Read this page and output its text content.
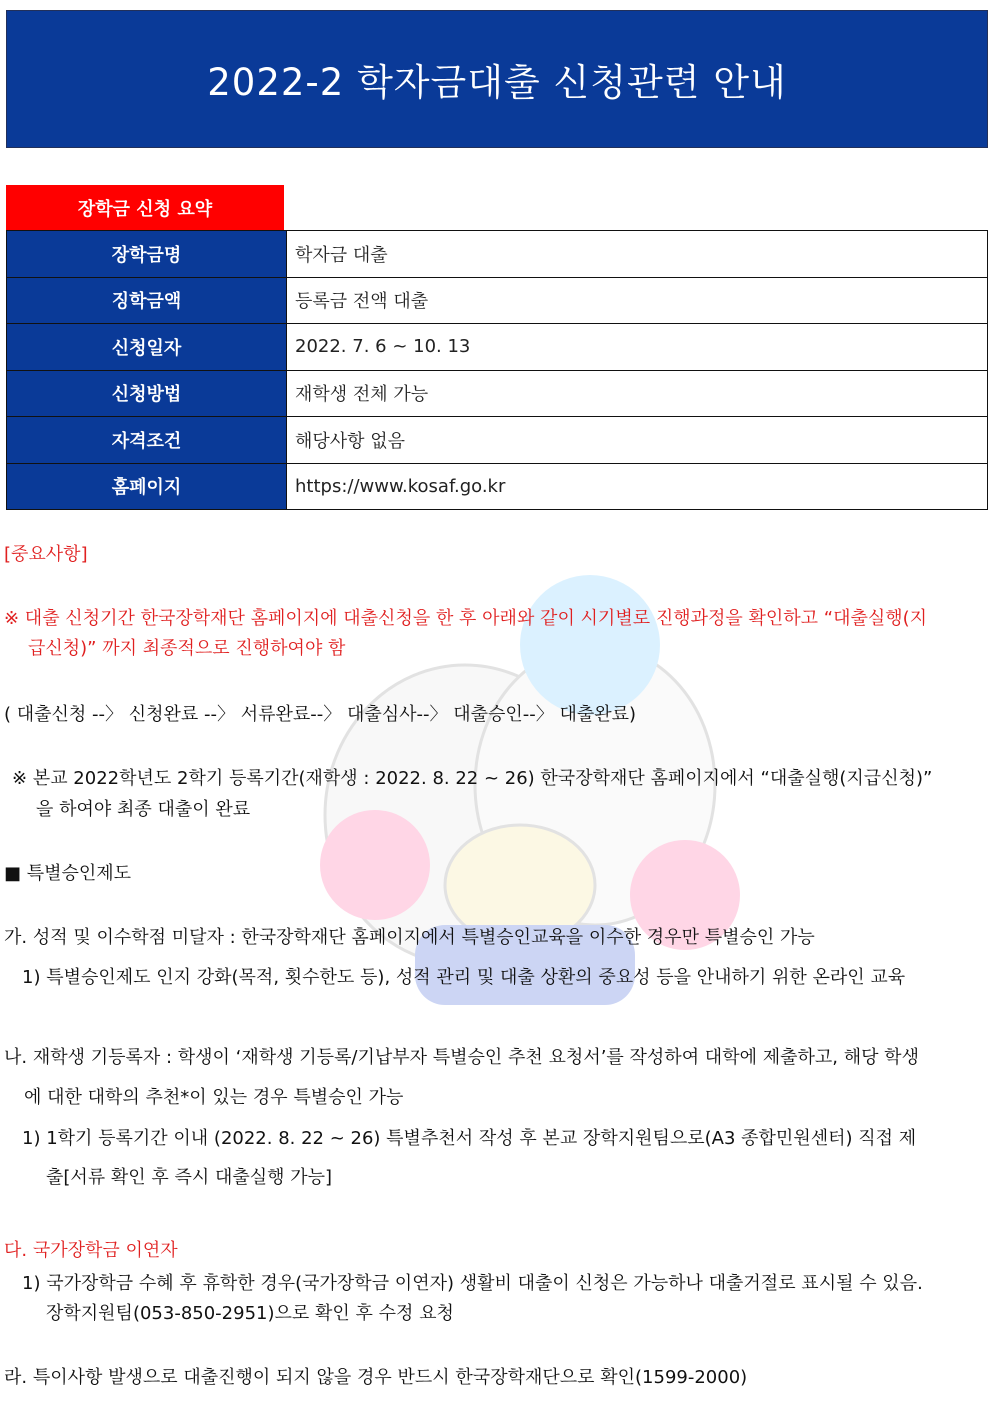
2022-2 학자금대출 신청관련 안내
장학금 신청 요약
장학금명	학자금 대출
징학금액	등록금 전액 대출
신청일자	2022. 7. 6 ~ 10. 13
신청방법	재학생 전체 가능
자격조건	해당사항 없음
홈페이지	https://www.kosaf.go.kr
[중요사항]
※ 대출 신청기간 한국장학재단 홈페이지에 대출신청을 한 후 아래와 같이 시기별로 진행과정을 확인하고 “대출실행(지
급신청)” 까지 최종적으로 진행하여야 함
( 대출신청 --〉 신청완료 --〉 서류완료--〉 대출심사--〉 대출승인--〉 대출완료)
※ 본교 2022학년도 2학기 등록기간(재학생 : 2022. 8. 22 ~ 26) 한국장학재단 홈페이지에서 “대출실행(지급신청)”
을 하여야 최종 대출이 완료
■ 특별승인제도
가. 성적 및 이수학점 미달자 : 한국장학재단 홈페이지에서 특별승인교육을 이수한 경우만 특별승인 가능
1) 특별승인제도 인지 강화(목적, 횟수한도 등), 성적 관리 및 대출 상환의 중요성 등을 안내하기 위한 온라인 교육
나. 재학생 기등록자 : 학생이 ‘재학생 기등록/기납부자 특별승인 추천 요청서’를 작성하여 대학에 제출하고, 해당 학생
에 대한 대학의 추천*이 있는 경우 특별승인 가능
1) 1학기 등록기간 이내 (2022. 8. 22 ~ 26) 특별추천서 작성 후 본교 장학지원팀으로(A3 종합민원센터) 직접 제
출[서류 확인 후 즉시 대출실행 가능]
다. 국가장학금 이연자
1) 국가장학금 수혜 후 휴학한 경우(국가장학금 이연자) 생활비 대출이 신청은 가능하나 대출거절로 표시될 수 있음.
장학지원팀(053-850-2951)으로 확인 후 수정 요청
라. 특이사항 발생으로 대출진행이 되지 않을 경우 반드시 한국장학재단으로 확인(1599-2000)
